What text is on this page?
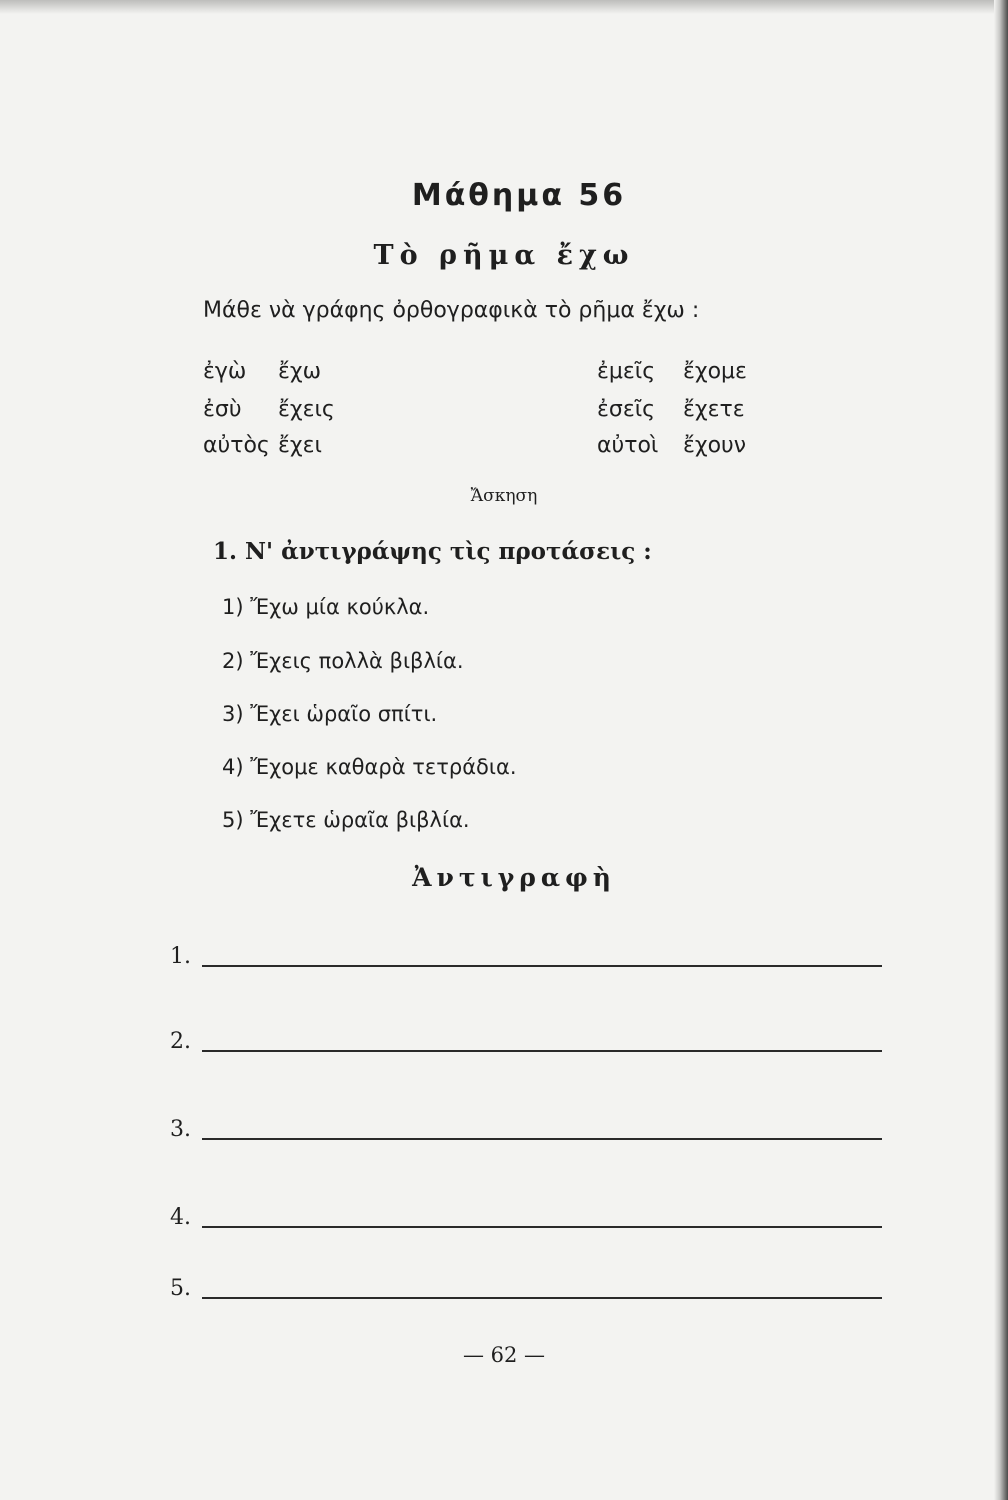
Μάθημα 56
Τὸ ρῆμα ἔχω
Μάθε νὰ γράφης ὀρθογραφικὰ τὸ ρῆμα ἔχω :
ἐγὼ ἔχω
ἐσὺ ἔχεις
αὐτὸς ἔχει
ἐμεῖς ἔχομε
ἐσεῖς ἔχετε
αὐτοὶ ἔχουν
Ἄσκηση
1. Ν' ἀντιγράψης τὶς προτάσεις :
1) Ἔχω μία κούκλα.
2) Ἔχεις πολλὰ βιβλία.
3) Ἔχει ὡραῖο σπίτι.
4) Ἔχομε καθαρὰ τετράδια.
5) Ἔχετε ὡραῖα βιβλία.
Ἀντιγραφὴ
1.
2.
3.
4.
5.
— 62 —
